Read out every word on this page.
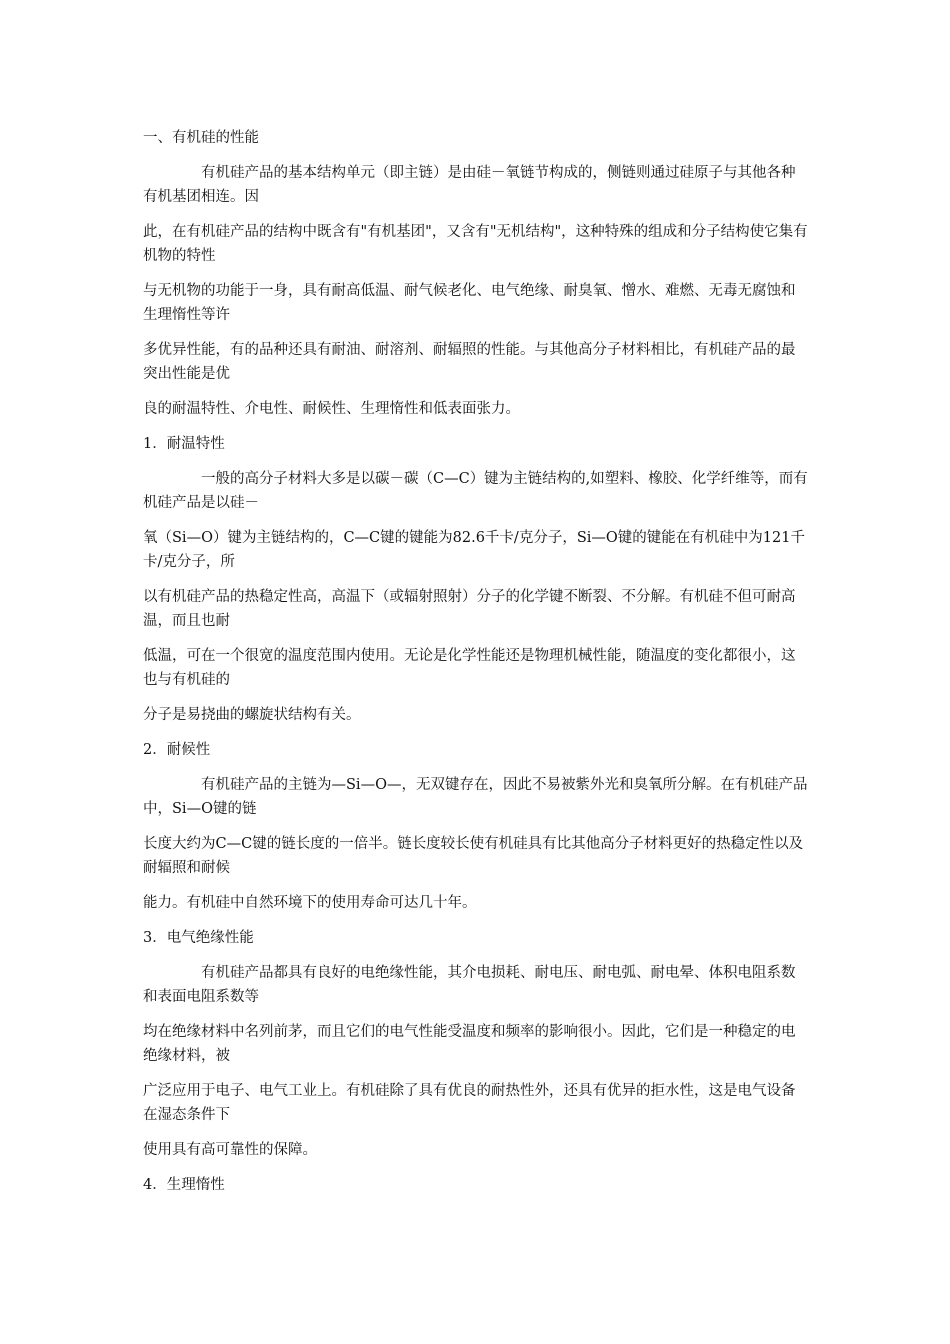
一、有机硅的性能

有机硅产品的基本结构单元（即主链）是由硅－氧链节构成的，侧链则通过硅原子与其他各种有机基团相连。因

此，在有机硅产品的结构中既含有"有机基团"，又含有"无机结构"，这种特殊的组成和分子结构使它集有机物的特性

与无机物的功能于一身，具有耐高低温、耐气候老化、电气绝缘、耐臭氧、憎水、难燃、无毒无腐蚀和生理惰性等许

多优异性能，有的品种还具有耐油、耐溶剂、耐辐照的性能。与其他高分子材料相比，有机硅产品的最突出性能是优

良的耐温特性、介电性、耐候性、生理惰性和低表面张力。

1．耐温特性

一般的高分子材料大多是以碳－碳（C—C）键为主链结构的,如塑料、橡胶、化学纤维等，而有机硅产品是以硅－

氧（Si—O）键为主链结构的，C—C键的键能为82.6千卡/克分子，Si—O键的键能在有机硅中为121千卡/克分子，所

以有机硅产品的热稳定性高，高温下（或辐射照射）分子的化学键不断裂、不分解。有机硅不但可耐高温，而且也耐

低温，可在一个很宽的温度范围内使用。无论是化学性能还是物理机械性能，随温度的变化都很小，这也与有机硅的

分子是易挠曲的螺旋状结构有关。

2．耐候性

有机硅产品的主链为—Si—O—，无双键存在，因此不易被紫外光和臭氧所分解。在有机硅产品中，Si—O键的链

长度大约为C—C键的链长度的一倍半。链长度较长使有机硅具有比其他高分子材料更好的热稳定性以及耐辐照和耐候

能力。有机硅中自然环境下的使用寿命可达几十年。

3．电气绝缘性能

有机硅产品都具有良好的电绝缘性能，其介电损耗、耐电压、耐电弧、耐电晕、体积电阻系数和表面电阻系数等

均在绝缘材料中名列前茅，而且它们的电气性能受温度和频率的影响很小。因此，它们是一种稳定的电绝缘材料，被

广泛应用于电子、电气工业上。有机硅除了具有优良的耐热性外，还具有优异的拒水性，这是电气设备在湿态条件下

使用具有高可靠性的保障。

4．生理惰性
